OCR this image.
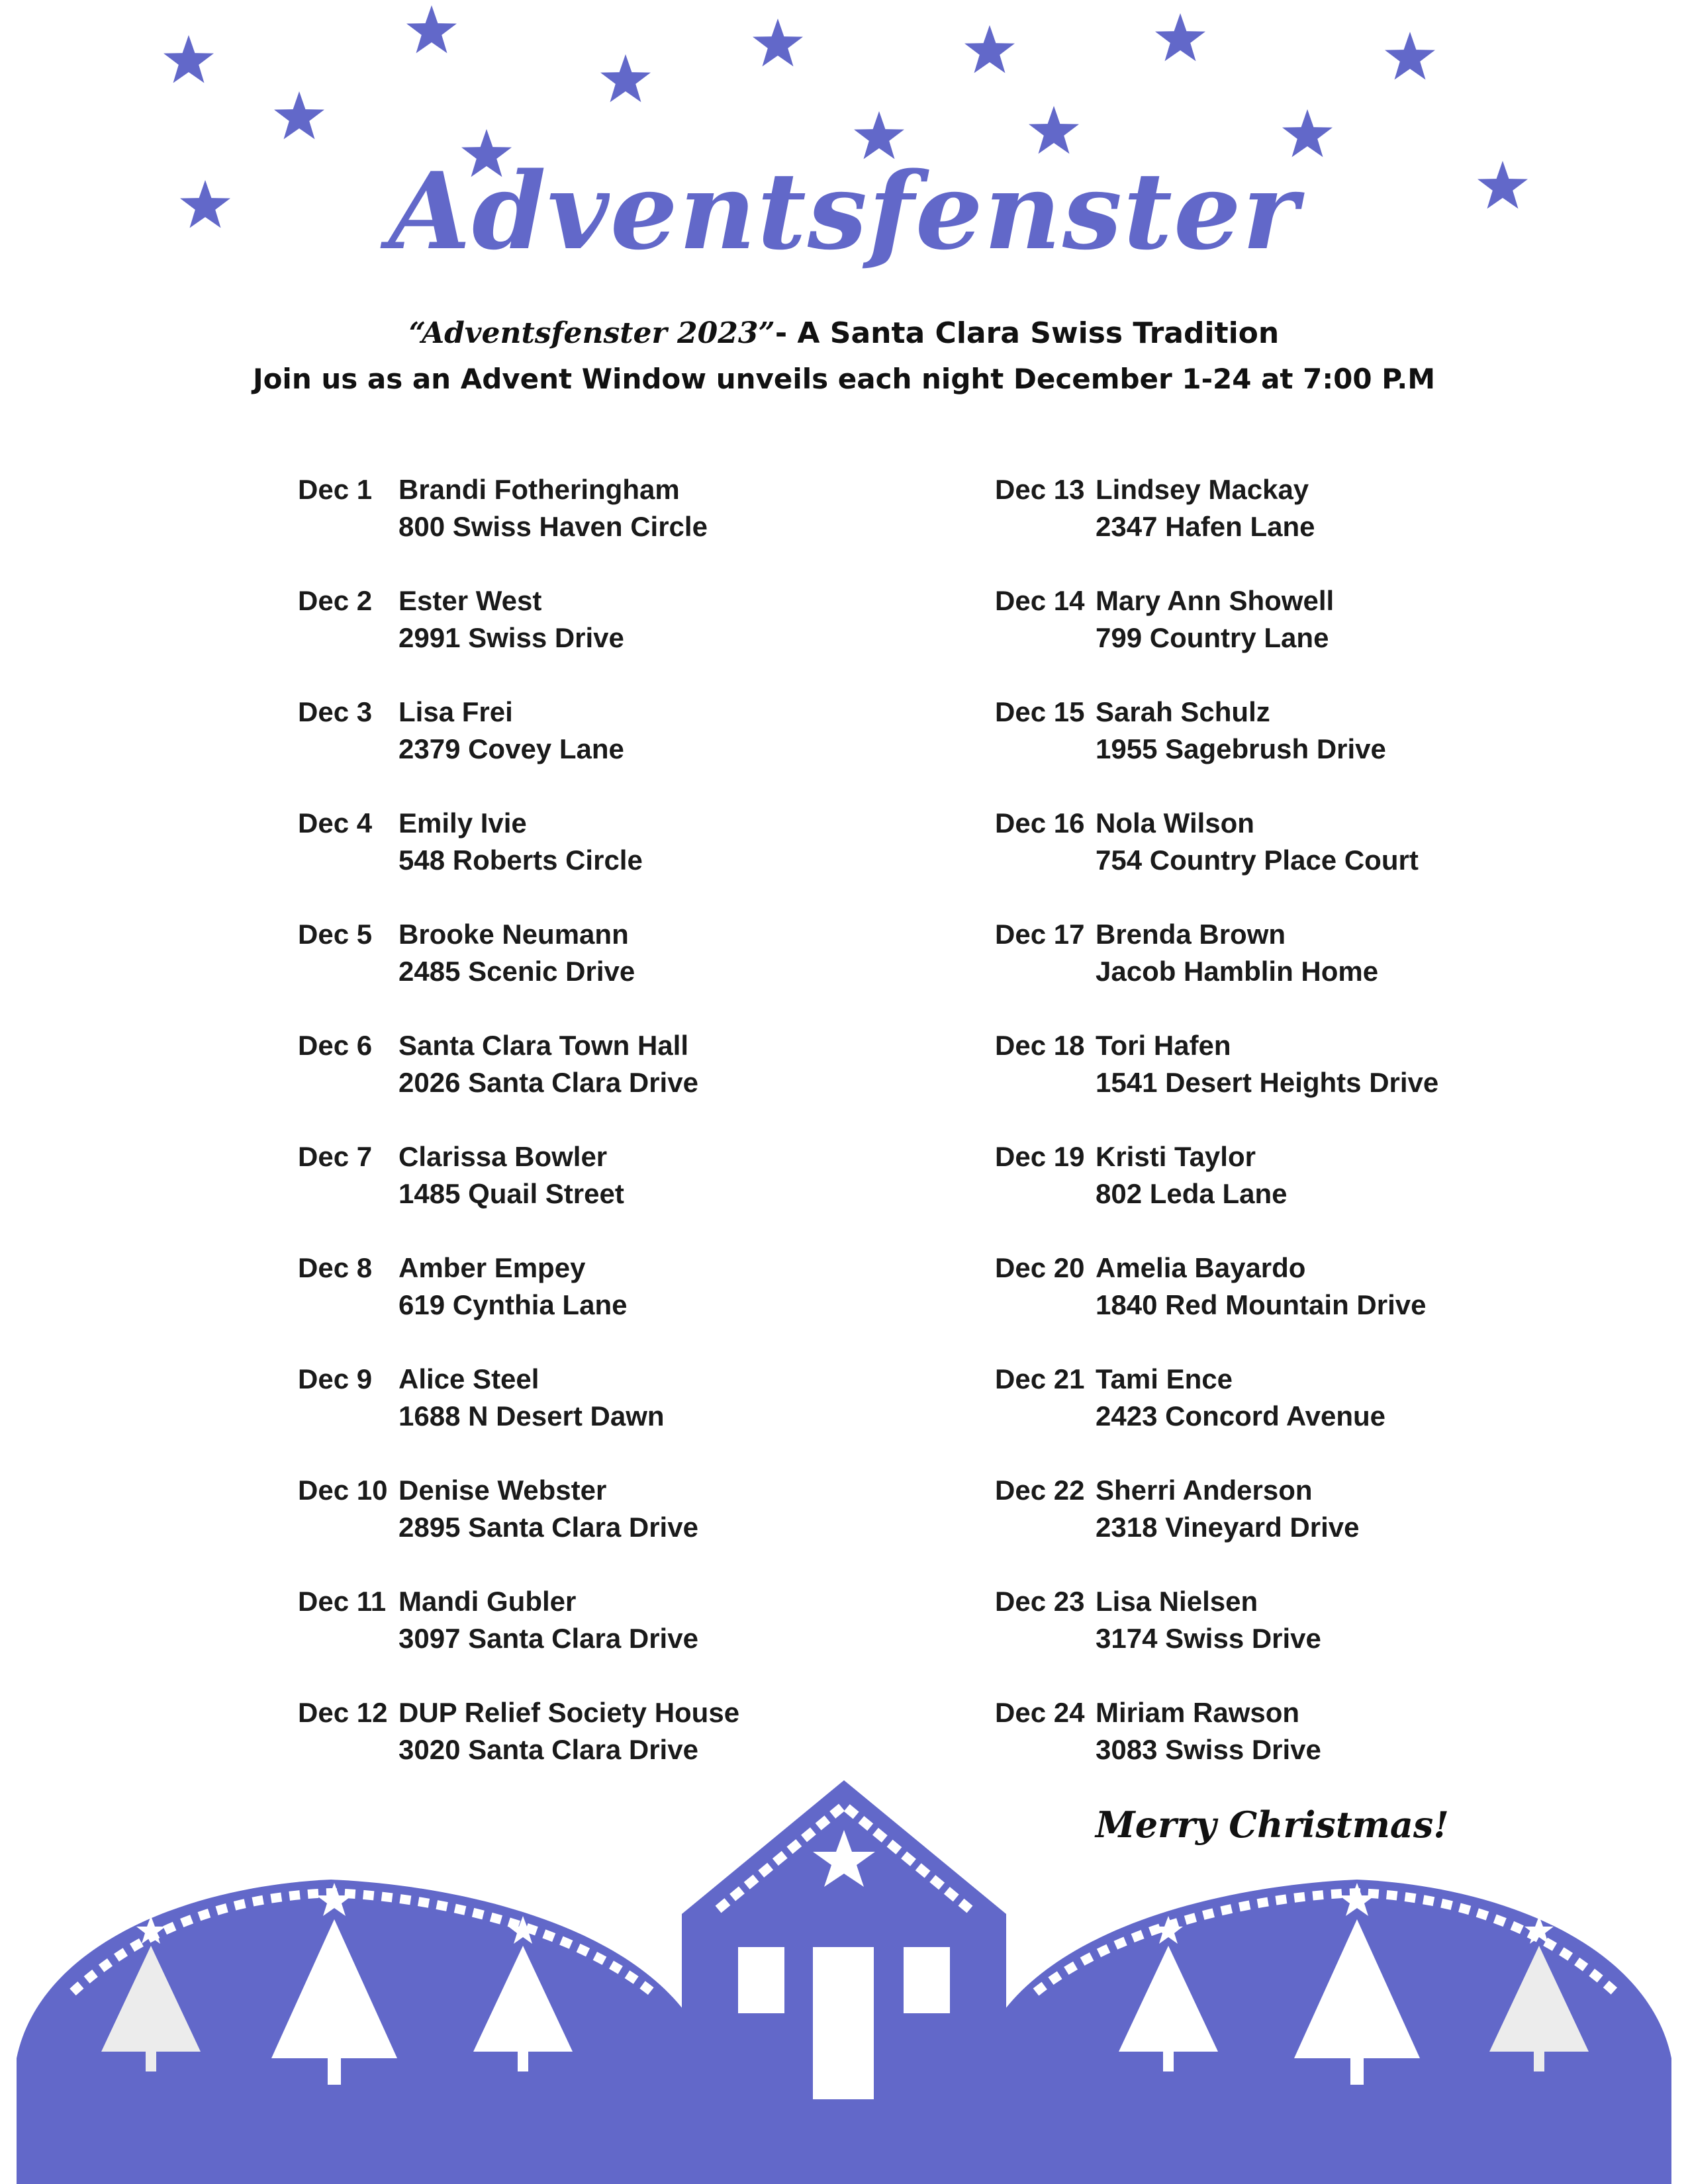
Adventsfenster
“Adventsfenster 2023”- A Santa Clara Swiss Tradition
Join us as an Advent Window unveils each night December 1-24 at 7:00 P.M
Dec 1 Brandi Fotheringham
800 Swiss Haven Circle
Dec 2 Ester West
2991 Swiss Drive
Dec 3 Lisa Frei
2379 Covey Lane
Dec 4 Emily Ivie
548 Roberts Circle
Dec 5 Brooke Neumann
2485 Scenic Drive
Dec 6 Santa Clara Town Hall
2026 Santa Clara Drive
Dec 7 Clarissa Bowler
1485 Quail Street
Dec 8 Amber Empey
619 Cynthia Lane
Dec 9 Alice Steel
1688 N Desert Dawn
Dec 10 Denise Webster
2895 Santa Clara Drive
Dec 11 Mandi Gubler
3097 Santa Clara Drive
Dec 12 DUP Relief Society House
3020 Santa Clara Drive
Dec 13 Lindsey Mackay
2347 Hafen Lane
Dec 14 Mary Ann Showell
799 Country Lane
Dec 15 Sarah Schulz
1955 Sagebrush Drive
Dec 16 Nola Wilson
754 Country Place Court
Dec 17 Brenda Brown
Jacob Hamblin Home
Dec 18 Tori Hafen
1541 Desert Heights Drive
Dec 19 Kristi Taylor
802 Leda Lane
Dec 20 Amelia Bayardo
1840 Red Mountain Drive
Dec 21 Tami Ence
2423 Concord Avenue
Dec 22 Sherri Anderson
2318 Vineyard Drive
Dec 23 Lisa Nielsen
3174 Swiss Drive
Dec 24 Miriam Rawson
3083 Swiss Drive
Merry Christmas!
